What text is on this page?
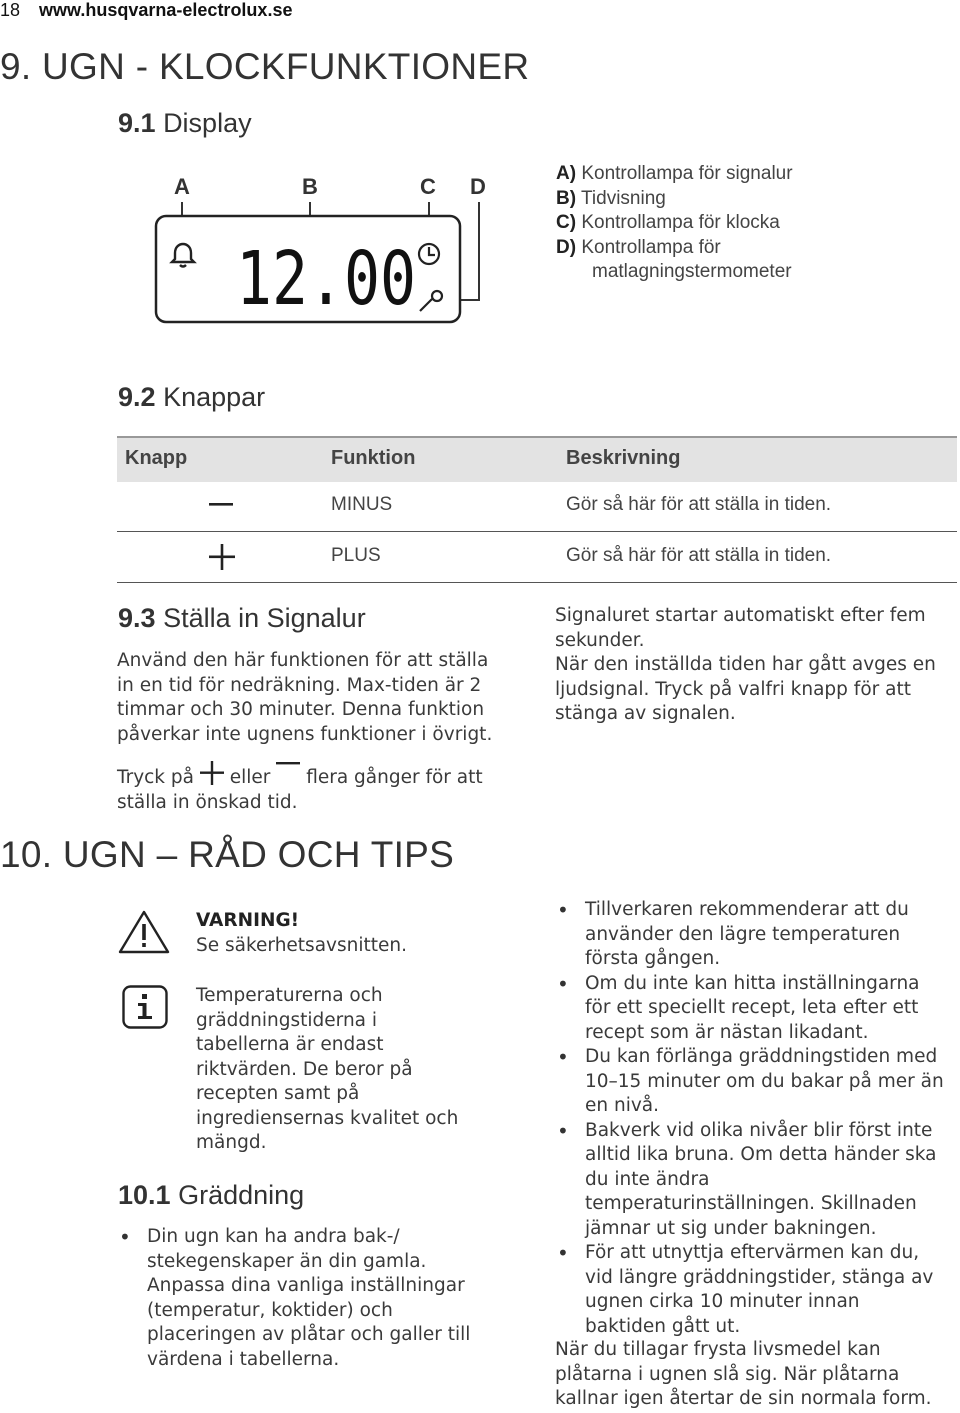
18 www.husqvarna-electrolux.se
9. UGN - KLOCKFUNKTIONER
9.1 Display
A	B	C D
12.00
A) Kontrollampa för signalur
B) Tidvisning
C) Kontrollampa för klocka
D) Kontrollampa för
matlagningstermometer
9.2 Knappar
Knapp	Funktion	Beskrivning
MINUS	Gör så här för att ställa in tiden.
PLUS	Gör så här för att ställa in tiden.
9.3 Ställa in Signalur

Använd den här funktionen för att ställa

in en tid för nedräkning. Max-tiden är 2

timmar och 30 minuter. Denna funktion

påverkar inte ugnens funktioner i övrigt.

Tryck på eller flera gånger för att

ställa in önskad tid.

Signaluret startar automatiskt efter fem

sekunder.

När den inställda tiden har gått avges en

ljudsignal. Tryck på valfri knapp för att

stänga av signalen.

10. UGN – RÅD OCH TIPS

VARNING!

Se säkerhetsavsnitten.

Temperaturerna och

gräddningstiderna i

tabellerna är endast

riktvärden. De beror på

recepten samt på

ingrediensernas kvalitet och

mängd.

10.1 Gräddning
• Din ugn kan ha andra bak-/
stekegenskaper än din gamla.
Anpassa dina vanliga inställningar
(temperatur, koktider) och
placeringen av plåtar och galler till
värdena i tabellerna.
• Tillverkaren rekommenderar att du
använder den lägre temperaturen
första gången.
• Om du inte kan hitta inställningarna
för ett speciellt recept, leta efter ett
recept som är nästan likadant.
• Du kan förlänga gräddningstiden med
10–15 minuter om du bakar på mer än
en nivå.
• Bakverk vid olika nivåer blir först inte
alltid lika bruna. Om detta händer ska
du inte ändra
temperaturinställningen. Skillnaden
jämnar ut sig under bakningen.
• För att utnyttja eftervärmen kan du,
vid längre gräddningstider, stänga av
ugnen cirka 10 minuter innan
baktiden gått ut.

När du tillagar frysta livsmedel kan

plåtarna i ugnen slå sig. När plåtarna

kallnar igen återtar de sin normala form.
